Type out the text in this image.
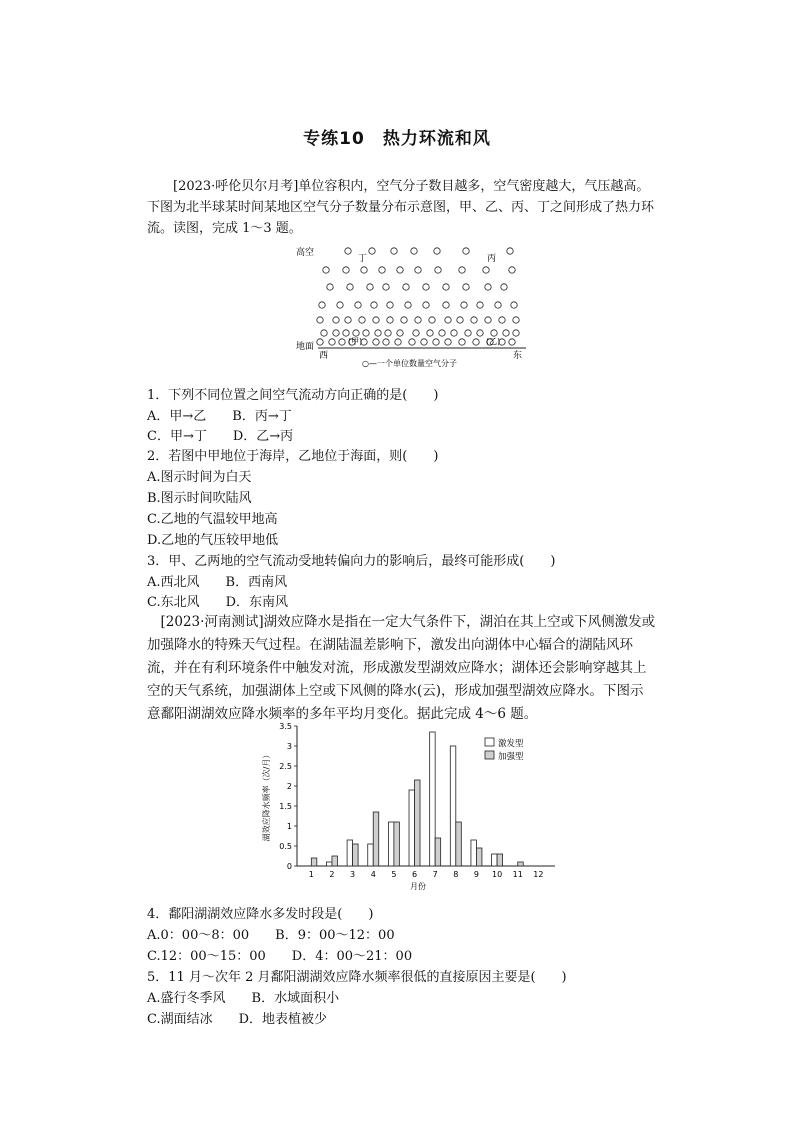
专练10　热力环流和风
[2023·呼伦贝尔月考]单位容积内，空气分子数目越多，空气密度越大，气压越高。下图为北半球某时间某地区空气分子数量分布示意图，甲、乙、丙、丁之间形成了热力环流。读图，完成 1～3 题。
高空
地面
西	东
(甲)	(乙)
丙
丁
○—一个单位数量空气分子
1．下列不同位置之间空气流动方向正确的是(　　)
A．甲→乙　　B．丙→丁
C．甲→丁　　D．乙→丙
2．若图中甲地位于海岸，乙地位于海面，则(　　)
A.图示时间为白天
B.图示时间吹陆风
C.乙地的气温较甲地高
D.乙地的气压较甲地低
3．甲、乙两地的空气流动受地转偏向力的影响后，最终可能形成(　　)
A.西北风　　B．西南风
C.东北风　　D．东南风
[2023·河南测试]湖效应降水是指在一定大气条件下，湖泊在其上空或下风侧激发或加强降水的特殊天气过程。在湖陆温差影响下，激发出向湖体中心辐合的湖陆风环流，并在有利环境条件中触发对流，形成激发型湖效应降水；湖体还会影响穿越其上空的天气系统，加强湖体上空或下风侧的降水(云)，形成加强型湖效应降水。下图示意鄱阳湖湖效应降水频率的多年平均月变化。据此完成 4～6 题。
0
0.5
1
1.5
2
2.5
3
3.5
1 2 3 4 5 6 7 8 9 10 11 12
月份
湖效应降水频率（次/月）
激发型
加强型
4．鄱阳湖湖效应降水多发时段是(　　)
A.0：00～8：00　　B．9：00～12：00
C.12：00～15：00　　D．4：00～21：00
5．11 月～次年 2 月鄱阳湖湖效应降水频率很低的直接原因主要是(　　)
A.盛行冬季风　　B．水域面积小
C.湖面结冰　　D．地表植被少
